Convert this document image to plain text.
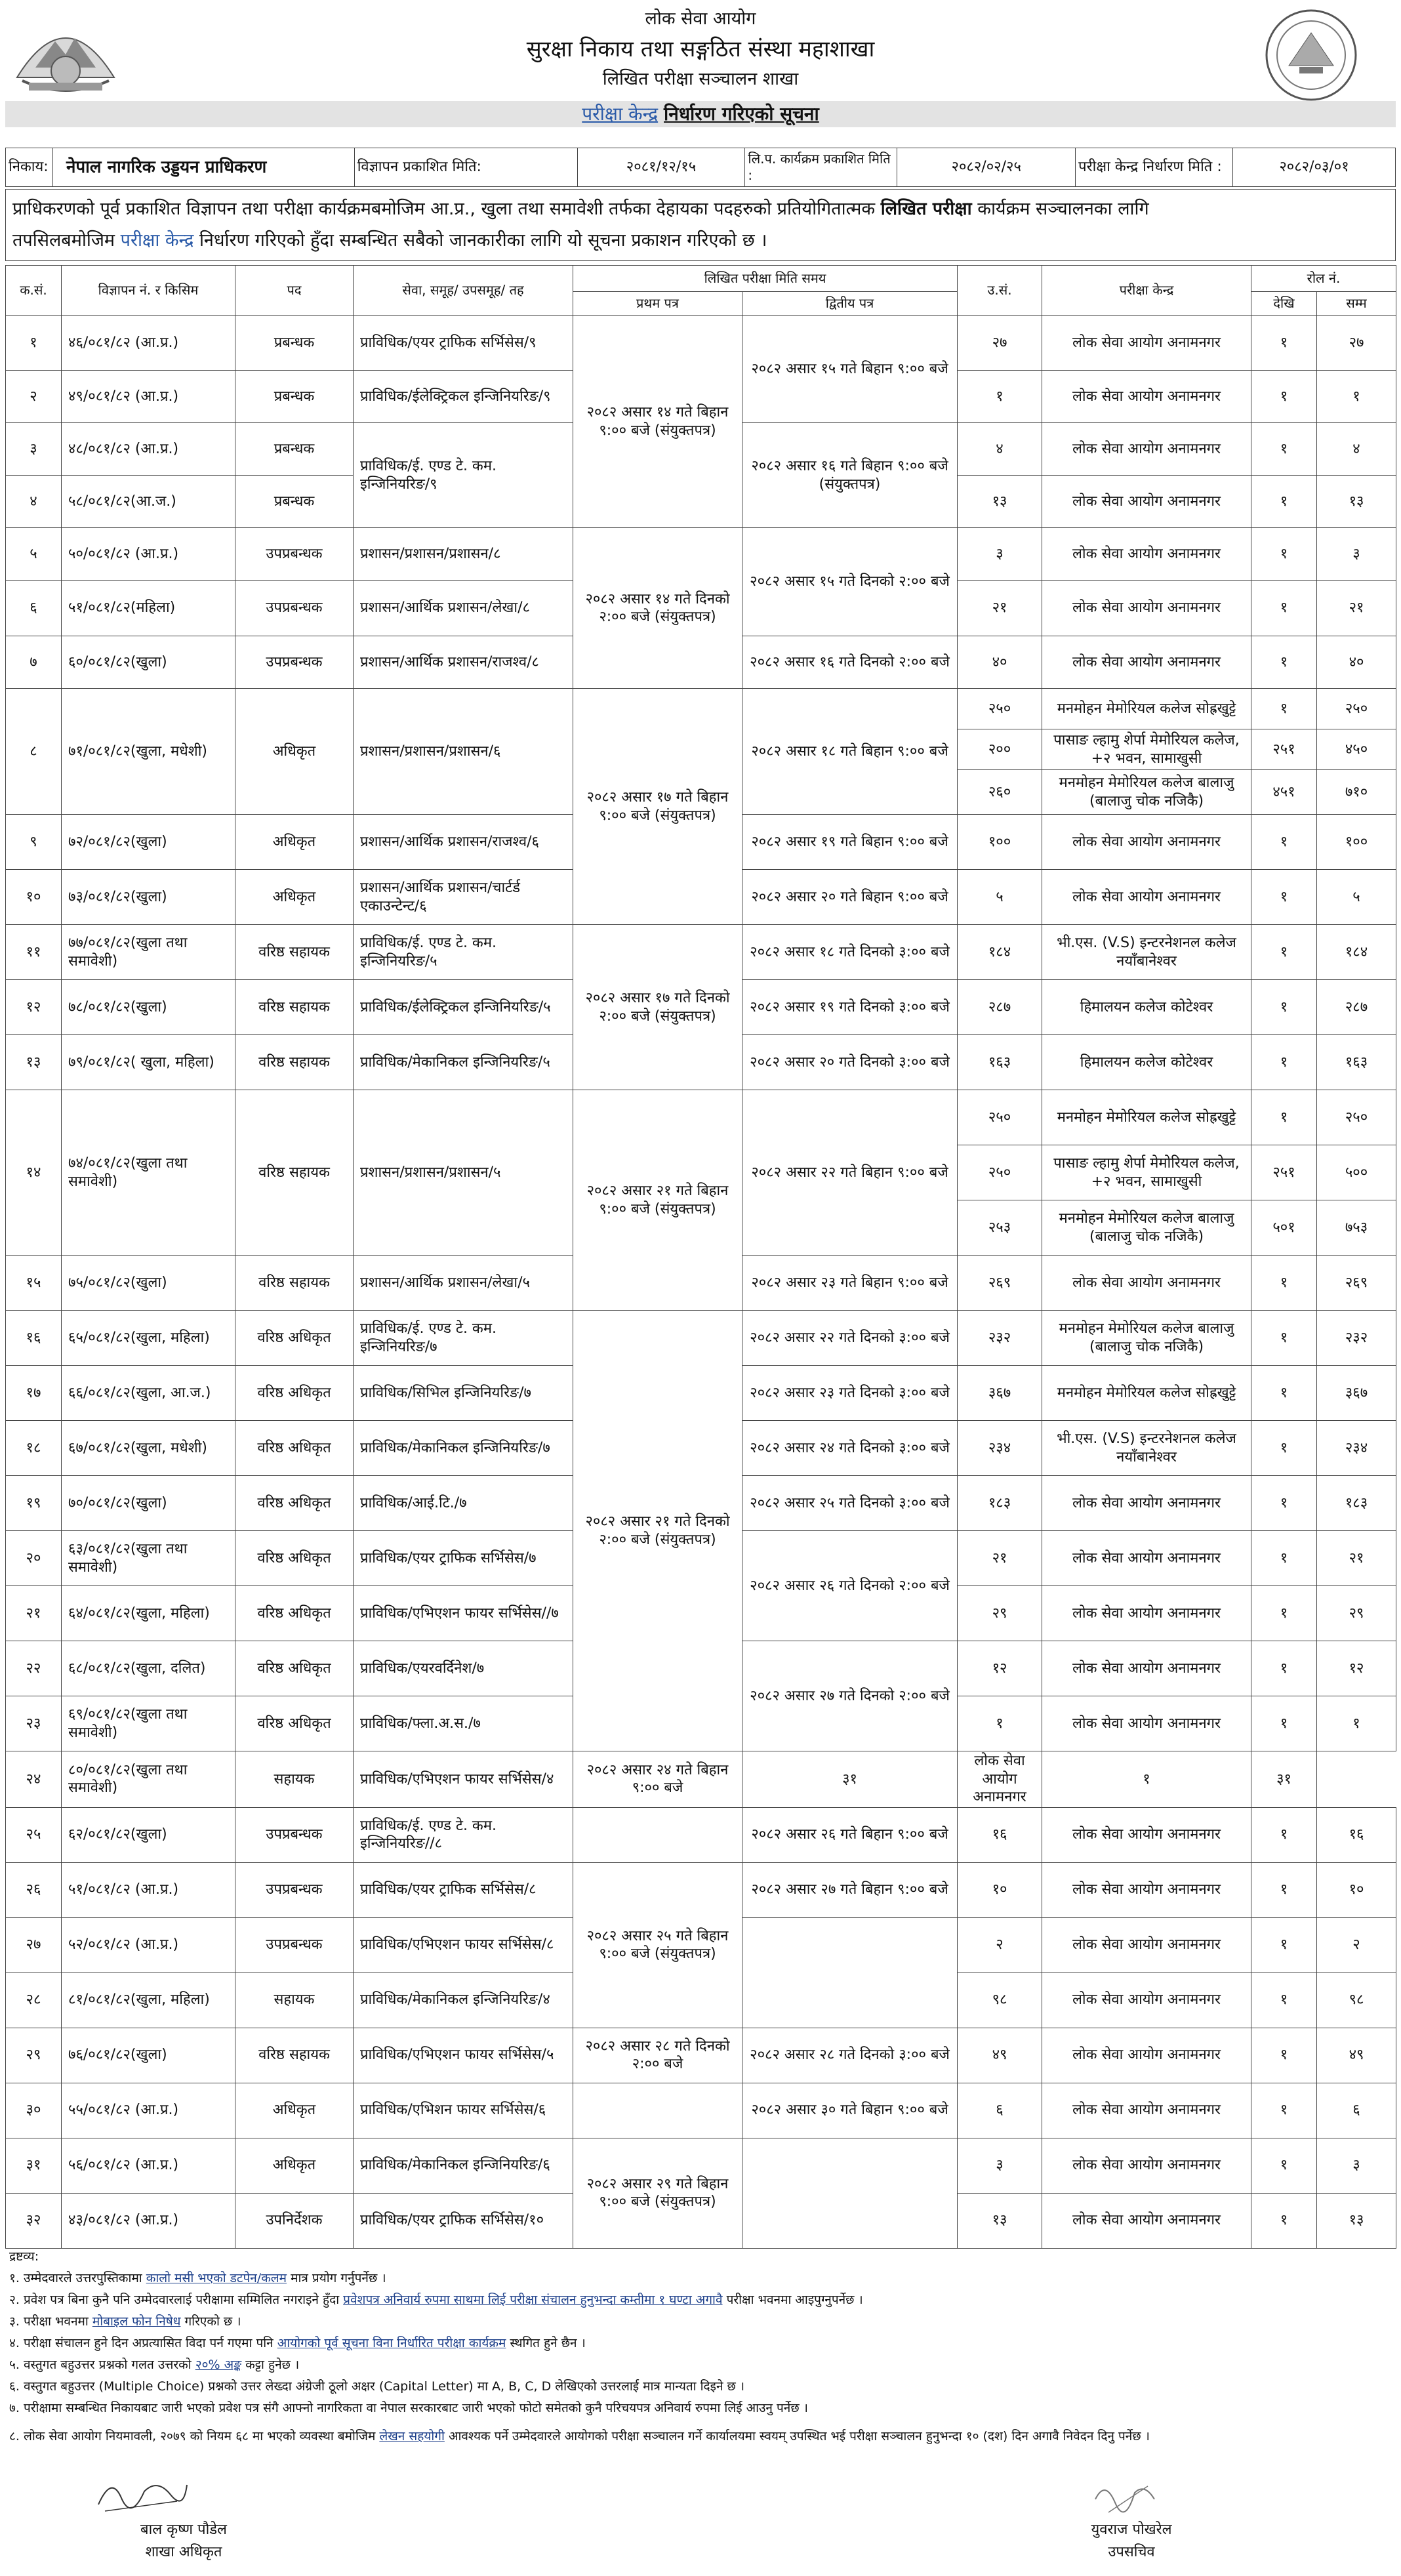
लोक सेवा आयोग
सुरक्षा निकाय तथा सङ्गठित संस्था महाशाखा
लिखित परीक्षा सञ्चालन शाखा
परीक्षा केन्द्र निर्धारण गरिएको सूचना
निकाय:	नेपाल नागरिक उड्डयन प्राधिकरण	विज्ञापन प्रकाशित मिति:	२०८१/१२/१५	लि.प. कार्यक्रम प्रकाशित मिति :	२०८२/०२/२५	परीक्षा केन्द्र निर्धारण मिति :	२०८२/०३/०१
प्राधिकरणको पूर्व प्रकाशित विज्ञापन तथा परीक्षा कार्यक्रमबमोजिम आ.प्र., खुला तथा समावेशी तर्फका देहायका पदहरुको प्रतियोगितात्मक लिखित परीक्षा कार्यक्रम सञ्चालनका लागि
तपसिलबमोजिम परीक्षा केन्द्र निर्धारण गरिएको हुँदा सम्बन्धित सबैको जानकारीका लागि यो सूचना प्रकाशन गरिएको छ ।
क.सं.	विज्ञापन नं. र किसिम	पद	सेवा, समूह/ उपसमूह/ तह	लिखित परीक्षा मिति समय		उ.सं.	परीक्षा केन्द्र	रोल नं.	
				प्रथम पत्र	द्वितीय पत्र			देखि	सम्म
१	४६/०८१/८२ (आ.प्र.)	प्रबन्धक	प्राविधिक/एयर ट्राफिक सर्भिसेस/९	२०८२ असार १४ गते बिहान ९:०० बजे (संयुक्तपत्र)	२०८२ असार १५ गते बिहान ९:०० बजे	२७	लोक सेवा आयोग अनामनगर	१	२७
२	४९/०८१/८२ (आ.प्र.)	प्रबन्धक	प्राविधिक/ईलेक्ट्रिकल इन्जिनियरिङ/९			१	लोक सेवा आयोग अनामनगर	१	१
३	४८/०८१/८२ (आ.प्र.)	प्रबन्धक	प्राविधिक/ई. एण्ड टे. कम. इन्जिनियरिङ/९		२०८२ असार १६ गते बिहान ९:०० बजे (संयुक्तपत्र)	४	लोक सेवा आयोग अनामनगर	१	४
४	५८/०८१/८२(आ.ज.)	प्रबन्धक				१३	लोक सेवा आयोग अनामनगर	१	१३
५	५०/०८१/८२ (आ.प्र.)	उपप्रबन्धक	प्रशासन/प्रशासन/प्रशासन/८	२०८२ असार १४ गते दिनको २:०० बजे (संयुक्तपत्र)	२०८२ असार १५ गते दिनको २:०० बजे	३	लोक सेवा आयोग अनामनगर	१	३
६	५१/०८१/८२(महिला)	उपप्रबन्धक	प्रशासन/आर्थिक प्रशासन/लेखा/८			२१	लोक सेवा आयोग अनामनगर	१	२१
७	६०/०८१/८२(खुला)	उपप्रबन्धक	प्रशासन/आर्थिक प्रशासन/राजश्व/८		२०८२ असार १६ गते दिनको २:०० बजे	४०	लोक सेवा आयोग अनामनगर	१	४०
८	७१/०८१/८२(खुला, मधेशी)	अधिकृत	प्रशासन/प्रशासन/प्रशासन/६	२०८२ असार १७ गते बिहान ९:०० बजे (संयुक्तपत्र)	२०८२ असार १८ गते बिहान ९:०० बजे	२५०	मनमोहन मेमोरियल कलेज सोह्रखुट्टे	१	२५०
						२००	पासाङ ल्हामु शेर्पा मेमोरियल कलेज, +२ भवन, सामाखुसी	२५१	४५०
						२६०	मनमोहन मेमोरियल कलेज बालाजु (बालाजु चोक नजिकै)	४५१	७१०
९	७२/०८१/८२(खुला)	अधिकृत	प्रशासन/आर्थिक प्रशासन/राजश्व/६		२०८२ असार १९ गते बिहान ९:०० बजे	१००	लोक सेवा आयोग अनामनगर	१	१००
१०	७३/०८१/८२(खुला)	अधिकृत	प्रशासन/आर्थिक प्रशासन/चार्टर्ड एकाउन्टेन्ट/६		२०८२ असार २० गते बिहान ९:०० बजे	५	लोक सेवा आयोग अनामनगर	१	५
११	७७/०८१/८२(खुला तथा समावेशी)	वरिष्ठ सहायक	प्राविधिक/ई. एण्ड टे. कम. इन्जिनियरिङ/५	२०८२ असार १७ गते दिनको २:०० बजे (संयुक्तपत्र)	२०८२ असार १८ गते दिनको ३:०० बजे	१८४	भी.एस. (V.S) इन्टरनेशनल कलेज नयाँबानेश्वर	१	१८४
१२	७८/०८१/८२(खुला)	वरिष्ठ सहायक	प्राविधिक/ईलेक्ट्रिकल इन्जिनियरिङ/५		२०८२ असार १९ गते दिनको ३:०० बजे	२८७	हिमालयन कलेज कोटेश्वर	१	२८७
१३	७९/०८१/८२( खुला, महिला)	वरिष्ठ सहायक	प्राविधिक/मेकानिकल इन्जिनियरिङ/५		२०८२ असार २० गते दिनको ३:०० बजे	१६३	हिमालयन कलेज कोटेश्वर	१	१६३
१४	७४/०८१/८२(खुला तथा समावेशी)	वरिष्ठ सहायक	प्रशासन/प्रशासन/प्रशासन/५	२०८२ असार २१ गते बिहान ९:०० बजे (संयुक्तपत्र)	२०८२ असार २२ गते बिहान ९:०० बजे	२५०	मनमोहन मेमोरियल कलेज सोह्रखुट्टे	१	२५०
						२५०	पासाङ ल्हामु शेर्पा मेमोरियल कलेज, +२ भवन, सामाखुसी	२५१	५००
						२५३	मनमोहन मेमोरियल कलेज बालाजु (बालाजु चोक नजिकै)	५०१	७५३
१५	७५/०८१/८२(खुला)	वरिष्ठ सहायक	प्रशासन/आर्थिक प्रशासन/लेखा/५		२०८२ असार २३ गते बिहान ९:०० बजे	२६९	लोक सेवा आयोग अनामनगर	१	२६९
१६	६५/०८१/८२(खुला, महिला)	वरिष्ठ अधिकृत	प्राविधिक/ई. एण्ड टे. कम. इन्जिनियरिङ/७	२०८२ असार २१ गते दिनको २:०० बजे (संयुक्तपत्र)	२०८२ असार २२ गते दिनको ३:०० बजे	२३२	मनमोहन मेमोरियल कलेज बालाजु (बालाजु चोक नजिकै)	१	२३२
१७	६६/०८१/८२(खुला, आ.ज.)	वरिष्ठ अधिकृत	प्राविधिक/सिभिल इन्जिनियरिङ/७		२०८२ असार २३ गते दिनको ३:०० बजे	३६७	मनमोहन मेमोरियल कलेज सोह्रखुट्टे	१	३६७
१८	६७/०८१/८२(खुला, मधेशी)	वरिष्ठ अधिकृत	प्राविधिक/मेकानिकल इन्जिनियरिङ/७		२०८२ असार २४ गते दिनको ३:०० बजे	२३४	भी.एस. (V.S) इन्टरनेशनल कलेज नयाँबानेश्वर	१	२३४
१९	७०/०८१/८२(खुला)	वरिष्ठ अधिकृत	प्राविधिक/आई.टि./७		२०८२ असार २५ गते दिनको ३:०० बजे	१८३	लोक सेवा आयोग अनामनगर	१	१८३
२०	६३/०८१/८२(खुला तथा समावेशी)	वरिष्ठ अधिकृत	प्राविधिक/एयर ट्राफिक सर्भिसेस/७		२०८२ असार २६ गते दिनको २:०० बजे	२१	लोक सेवा आयोग अनामनगर	१	२१
२१	६४/०८१/८२(खुला, महिला)	वरिष्ठ अधिकृत	प्राविधिक/एभिएशन फायर सर्भिसेस//७			२९	लोक सेवा आयोग अनामनगर	१	२९
२२	६८/०८१/८२(खुला, दलित)	वरिष्ठ अधिकृत	प्राविधिक/एयरवर्दिनेश/७		२०८२ असार २७ गते दिनको २:०० बजे	१२	लोक सेवा आयोग अनामनगर	१	१२
२३	६९/०८१/८२(खुला तथा समावेशी)	वरिष्ठ अधिकृत	प्राविधिक/फ्ला.अ.स./७			१	लोक सेवा आयोग अनामनगर	१	१
२४	८०/०८१/८२(खुला तथा समावेशी)	सहायक	प्राविधिक/एभिएशन फायर सर्भिसेस/४	२०८२ असार २४ गते बिहान ९:०० बजे	३१	लोक सेवा आयोग अनामनगर	१	३१	
२५	६२/०८१/८२(खुला)	उपप्रबन्धक	प्राविधिक/ई. एण्ड टे. कम. इन्जिनियरिङ//८		२०८२ असार २६ गते बिहान ९:०० बजे	१६	लोक सेवा आयोग अनामनगर	१	१६
२६	५१/०८१/८२ (आ.प्र.)	उपप्रबन्धक	प्राविधिक/एयर ट्राफिक सर्भिसेस/८	२०८२ असार २५ गते बिहान ९:०० बजे (संयुक्तपत्र)	२०८२ असार २७ गते बिहान ९:०० बजे	१०	लोक सेवा आयोग अनामनगर	१	१०
२७	५२/०८१/८२ (आ.प्र.)	उपप्रबन्धक	प्राविधिक/एभिएशन फायर सर्भिसेस/८			२	लोक सेवा आयोग अनामनगर	१	२
२८	८१/०८१/८२(खुला, महिला)	सहायक	प्राविधिक/मेकानिकल इन्जिनियरिङ/४			९८	लोक सेवा आयोग अनामनगर	१	९८
२९	७६/०८१/८२(खुला)	वरिष्ठ सहायक	प्राविधिक/एभिएशन फायर सर्भिसेस/५	२०८२ असार २८ गते दिनको २:०० बजे	२०८२ असार २८ गते दिनको ३:०० बजे	४९	लोक सेवा आयोग अनामनगर	१	४९
३०	५५/०८१/८२ (आ.प्र.)	अधिकृत	प्राविधिक/एभिशन फायर सर्भिसेस/६		२०८२ असार ३० गते बिहान ९:०० बजे	६	लोक सेवा आयोग अनामनगर	१	६
३१	५६/०८१/८२ (आ.प्र.)	अधिकृत	प्राविधिक/मेकानिकल इन्जिनियरिङ/६	२०८२ असार २९ गते बिहान ९:०० बजे (संयुक्तपत्र)		३	लोक सेवा आयोग अनामनगर	१	३
३२	४३/०८१/८२ (आ.प्र.)	उपनिर्देशक	प्राविधिक/एयर ट्राफिक सर्भिसेस/१०			१३	लोक सेवा आयोग अनामनगर	१	१३
द्रष्टव्य:
१. उम्मेदवारले उत्तरपुस्तिकामा कालो मसी भएको डटपेन/कलम मात्र प्रयोग गर्नुपर्नेछ ।
२. प्रवेश पत्र बिना कुनै पनि उम्मेदवारलाई परीक्षामा सम्मिलित नगराइने हुँदा प्रवेशपत्र अनिवार्य रुपमा साथमा लिई परीक्षा संचालन हुनुभन्दा कम्तीमा १ घण्टा अगावै परीक्षा भवनमा आइपुग्नुपर्नेछ ।
३. परीक्षा भवनमा मोबाइल फोन निषेध गरिएको छ ।
४. परीक्षा संचालन हुने दिन अप्रत्यासित विदा पर्न गएमा पनि आयोगको पूर्व सूचना विना निर्धारित परीक्षा कार्यक्रम स्थगित हुने छैन ।
५. वस्तुगत बहुउत्तर प्रश्नको गलत उत्तरको २०% अङ्क कट्टा हुनेछ ।
६. वस्तुगत बहुउत्तर (Multiple Choice) प्रश्नको उत्तर लेख्दा अंग्रेजी ठूलो अक्षर (Capital Letter) मा A, B, C, D लेखिएको उत्तरलाई मात्र मान्यता दिइने छ ।
७. परीक्षामा सम्बन्धित निकायबाट जारी भएको प्रवेश पत्र संगै आफ्नो नागरिकता वा नेपाल सरकारबाट जारी भएको फोटो समेतको कुनै परिचयपत्र अनिवार्य रुपमा लिई आउनु पर्नेछ ।
८. लोक सेवा आयोग नियमावली, २०७९ को नियम ६८ मा भएको व्यवस्था बमोजिम लेखन सहयोगी आवश्यक पर्ने उम्मेदवारले आयोगको परीक्षा सञ्चालन गर्ने कार्यालयमा स्वयम् उपस्थित भई परीक्षा सञ्चालन हुनुभन्दा १० (दश) दिन अगावै निवेदन दिनु पर्नेछ ।
बाल कृष्ण पौडेल
शाखा अधिकृत
युवराज पोखरेल
उपसचिव
